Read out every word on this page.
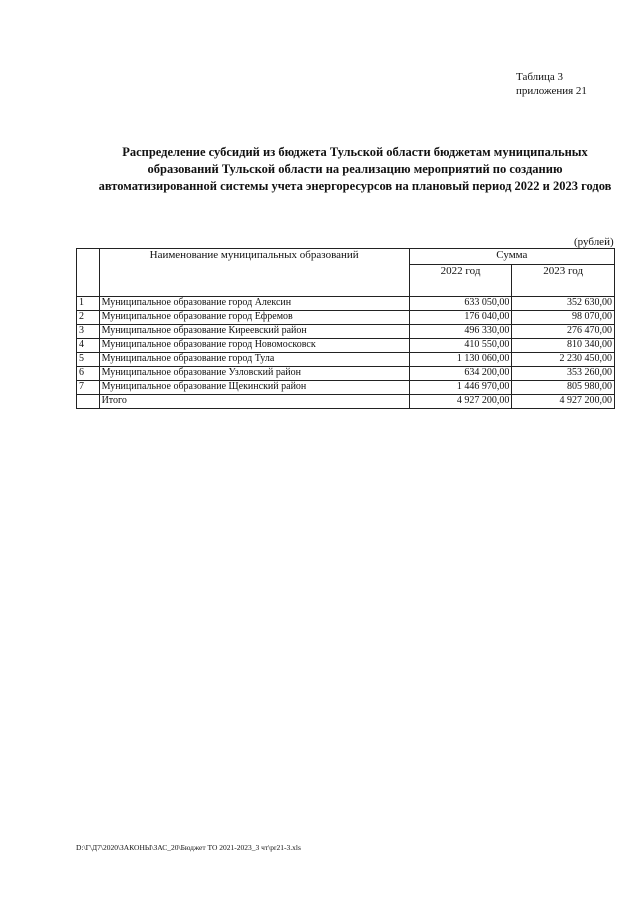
Таблица 3
приложения 21
Распределение субсидий из бюджета Тульской области бюджетам муниципальных
образований Тульской области на реализацию мероприятий по созданию
автоматизированной системы учета энергоресурсов на плановый период 2022 и 2023 годов
(рублей)
	Наименование муниципальных образований	Сумма	
		2022 год	2023 год
1	Муниципальное образование город Алексин	633 050,00	352 630,00
2	Муниципальное образование город Ефремов	176 040,00	98 070,00
3	Муниципальное образование Киреевский район	496 330,00	276 470,00
4	Муниципальное образование город Новомосковск	410 550,00	810 340,00
5	Муниципальное образование город Тула	1 130 060,00	2 230 450,00
6	Муниципальное образование Узловский район	634 200,00	353 260,00
7	Муниципальное образование Щекинский район	1 446 970,00	805 980,00
	Итого	4 927 200,00	4 927 200,00
D:\Г\Д7\2020\ЗАКОНЫ\ЗАС_20\Бюджет ТО 2021-2023_3 чт\pr21-3.xls
